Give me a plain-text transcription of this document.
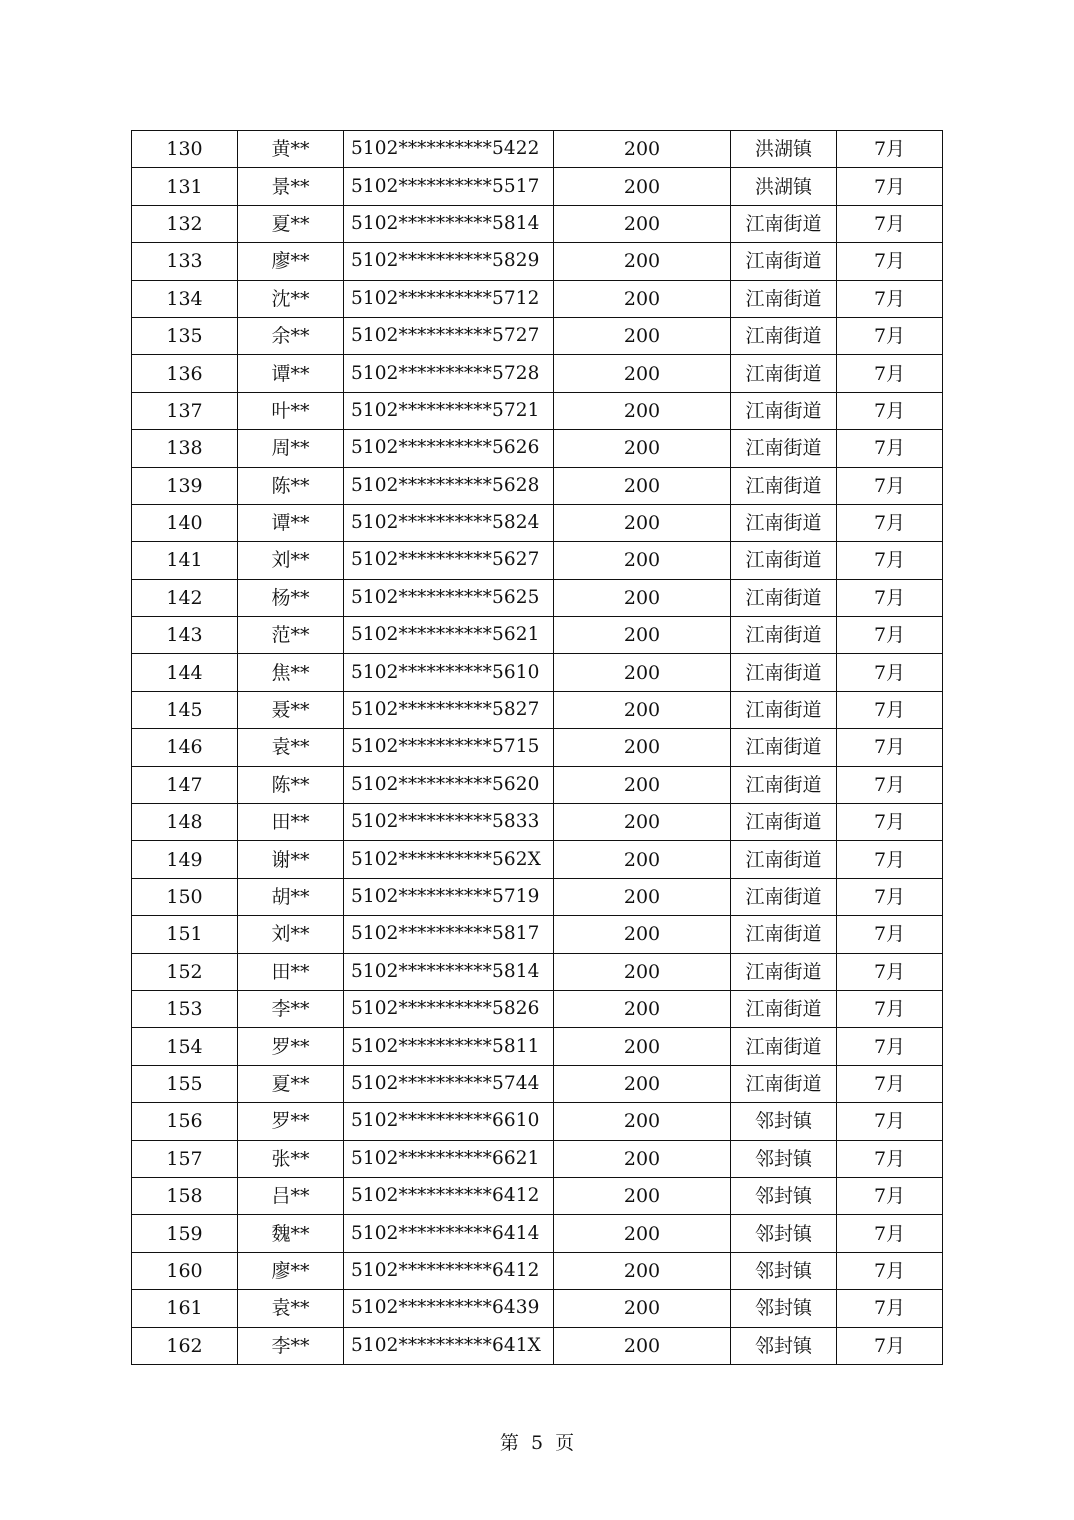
130	黄**	5102**********5422	200	洪湖镇	7月
131	景**	5102**********5517	200	洪湖镇	7月
132	夏**	5102**********5814	200	江南街道	7月
133	廖**	5102**********5829	200	江南街道	7月
134	沈**	5102**********5712	200	江南街道	7月
135	余**	5102**********5727	200	江南街道	7月
136	谭**	5102**********5728	200	江南街道	7月
137	叶**	5102**********5721	200	江南街道	7月
138	周**	5102**********5626	200	江南街道	7月
139	陈**	5102**********5628	200	江南街道	7月
140	谭**	5102**********5824	200	江南街道	7月
141	刘**	5102**********5627	200	江南街道	7月
142	杨**	5102**********5625	200	江南街道	7月
143	范**	5102**********5621	200	江南街道	7月
144	焦**	5102**********5610	200	江南街道	7月
145	聂**	5102**********5827	200	江南街道	7月
146	袁**	5102**********5715	200	江南街道	7月
147	陈**	5102**********5620	200	江南街道	7月
148	田**	5102**********5833	200	江南街道	7月
149	谢**	5102**********562X	200	江南街道	7月
150	胡**	5102**********5719	200	江南街道	7月
151	刘**	5102**********5817	200	江南街道	7月
152	田**	5102**********5814	200	江南街道	7月
153	李**	5102**********5826	200	江南街道	7月
154	罗**	5102**********5811	200	江南街道	7月
155	夏**	5102**********5744	200	江南街道	7月
156	罗**	5102**********6610	200	邻封镇	7月
157	张**	5102**********6621	200	邻封镇	7月
158	吕**	5102**********6412	200	邻封镇	7月
159	魏**	5102**********6414	200	邻封镇	7月
160	廖**	5102**********6412	200	邻封镇	7月
161	袁**	5102**********6439	200	邻封镇	7月
162	李**	5102**********641X	200	邻封镇	7月
第 5 页
